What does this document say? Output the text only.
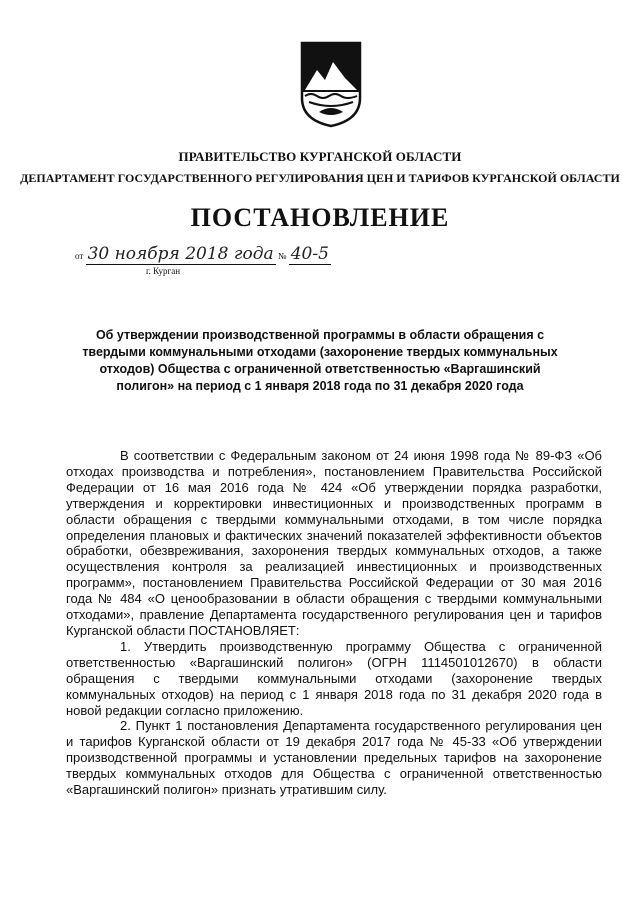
ПРАВИТЕЛЬСТВО КУРГАНСКОЙ ОБЛАСТИ
ДЕПАРТАМЕНТ ГОСУДАРСТВЕННОГО РЕГУЛИРОВАНИЯ ЦЕН И ТАРИФОВ КУРГАНСКОЙ ОБЛАСТИ
ПОСТАНОВЛЕНИЕ
от 30 ноября 2018 года № 40-5
г. Курган
Об утверждении производственной программы в области обращения с твердыми коммунальными отходами (захоронение твердых коммунальных отходов) Общества с ограниченной ответственностью «Варгашинский полигон» на период с 1 января 2018 года по 31 декабря 2020 года

В соответствии с Федеральным законом от 24 июня 1998 года № 89-ФЗ «Об отходах производства и потребления», постановлением Правительства Российской Федерации от 16 мая 2016 года № 424 «Об утверждении порядка разработки, утверждения и корректировки инвестиционных и производственных программ в области обращения с твердыми коммунальными отходами, в том числе порядка определения плановых и фактических значений показателей эффективности объектов обработки, обезвреживания, захоронения твердых коммунальных отходов, а также осуществления контроля за реализацией инвестиционных и производственных программ», постановлением Правительства Российской Федерации от 30 мая 2016 года № 484 «О ценообразовании в области обращения с твердыми коммунальными отходами», правление Департамента государственного регулирования цен и тарифов Курганской области ПОСТАНОВЛЯЕТ:

1. Утвердить производственную программу Общества с ограниченной ответственностью «Варгашинский полигон» (ОГРН 1114501012670) в области обращения с твердыми коммунальными отходами (захоронение твердых коммунальных отходов) на период с 1 января 2018 года по 31 декабря 2020 года в новой редакции согласно приложению.

2. Пункт 1 постановления Департамента государственного регулирования цен и тарифов Курганской области от 19 декабря 2017 года № 45-33 «Об утверждении производственной программы и установлении предельных тарифов на захоронение твердых коммунальных отходов для Общества с ограниченной ответственностью «Варгашинский полигон» признать утратившим силу.
